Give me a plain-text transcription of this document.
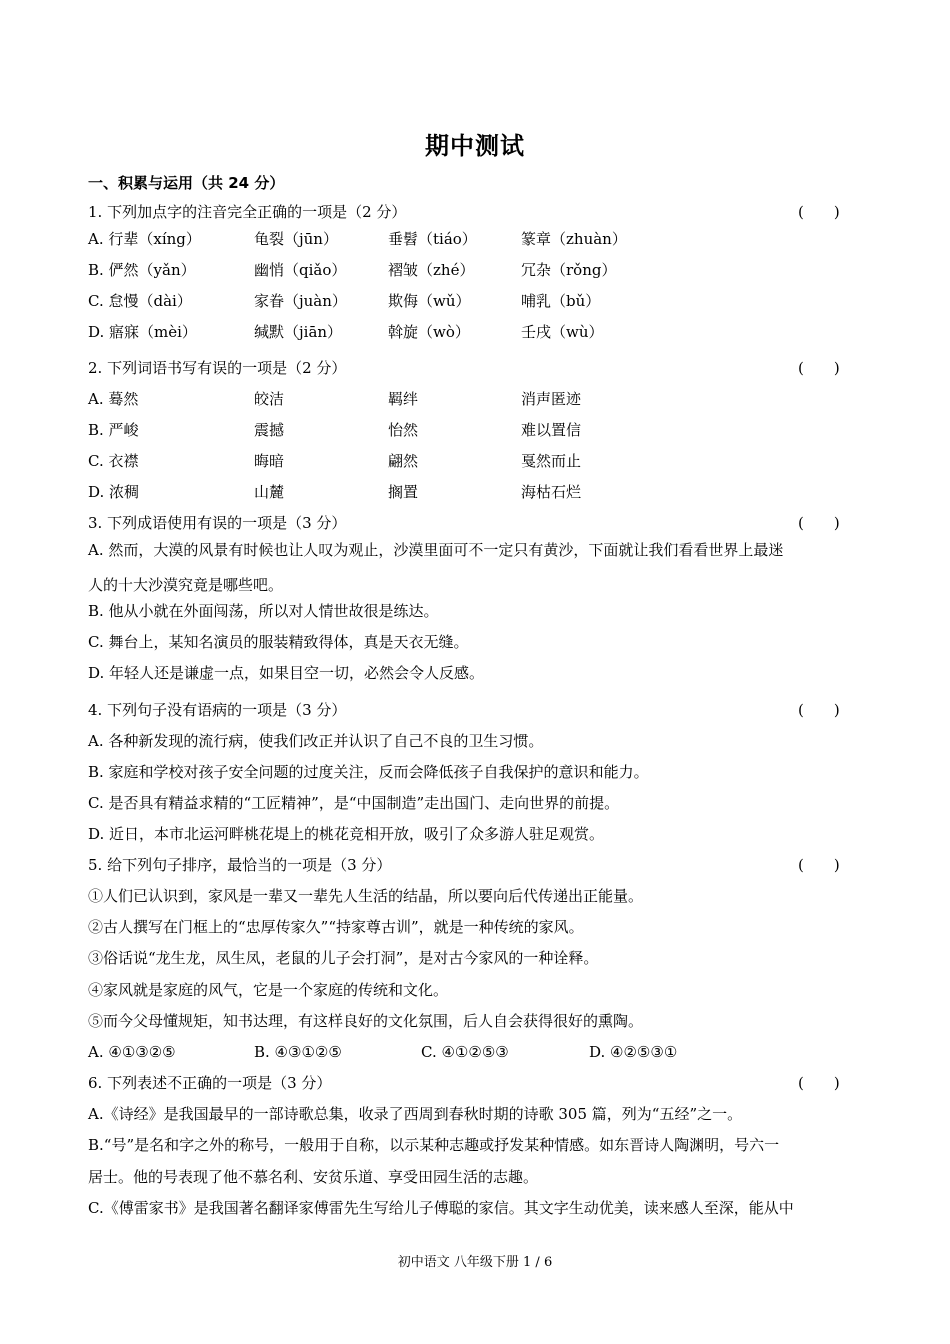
期中测试
一、积累与运用（共 24 分）
1. 下列加点字的注音完全正确的一项是（2 分）	(　　)
A. 行辈（xíng）	龟裂（jūn）	垂髫（tiáo）	篆章（zhuàn）
B. 俨然（yǎn）	幽悄（qiǎo）	褶皱（zhé）	冗杂（rǒng）
C. 怠慢（dài）	家眷（juàn）	欺侮（wǔ）	哺乳（bǔ）
D. 寤寐（mèi）	缄默（jiān）	斡旋（wò）	壬戌（wù）
2. 下列词语书写有误的一项是（2 分）	(　　)
A. 蓦然	皎洁	羁绊	消声匿迹
B. 严峻	震撼	怡然	难以置信
C. 衣襟	晦暗	翩然	戛然而止
D. 浓稠	山麓	搁置	海枯石烂
3. 下列成语使用有误的一项是（3 分）	(　　)
A. 然而，大漠的风景有时候也让人叹为观止，沙漠里面可不一定只有黄沙，下面就让我们看看世界上最迷
人的十大沙漠究竟是哪些吧。
B. 他从小就在外面闯荡，所以对人情世故很是练达。
C. 舞台上，某知名演员的服装精致得体，真是天衣无缝。
D. 年轻人还是谦虚一点，如果目空一切，必然会令人反感。
4. 下列句子没有语病的一项是（3 分）	(　　)
A. 各种新发现的流行病，使我们改正并认识了自己不良的卫生习惯。
B. 家庭和学校对孩子安全问题的过度关注，反而会降低孩子自我保护的意识和能力。
C. 是否具有精益求精的“工匠精神”，是“中国制造”走出国门、走向世界的前提。
D. 近日，本市北运河畔桃花堤上的桃花竞相开放，吸引了众多游人驻足观赏。
5. 给下列句子排序，最恰当的一项是（3 分）	(　　)
①人们已认识到，家风是一辈又一辈先人生活的结晶，所以要向后代传递出正能量。
②古人撰写在门框上的“忠厚传家久”“持家尊古训”，就是一种传统的家风。
③俗话说“龙生龙，凤生凤，老鼠的儿子会打洞”，是对古今家风的一种诠释。
④家风就是家庭的风气，它是一个家庭的传统和文化。
⑤而今父母懂规矩，知书达理，有这样良好的文化氛围，后人自会获得很好的熏陶。
A. ④①③②⑤	B. ④③①②⑤	C. ④①②⑤③	D. ④②⑤③①
6. 下列表述不正确的一项是（3 分）	(　　)
A.《诗经》是我国最早的一部诗歌总集，收录了西周到春秋时期的诗歌 305 篇，列为“五经”之一。
B.“号”是名和字之外的称号，一般用于自称，以示某种志趣或抒发某种情感。如东晋诗人陶渊明，号六一
居士。他的号表现了他不慕名利、安贫乐道、享受田园生活的志趣。
C.《傅雷家书》是我国著名翻译家傅雷先生写给儿子傅聪的家信。其文字生动优美，读来感人至深，能从中
初中语文 八年级下册 1 / 6
